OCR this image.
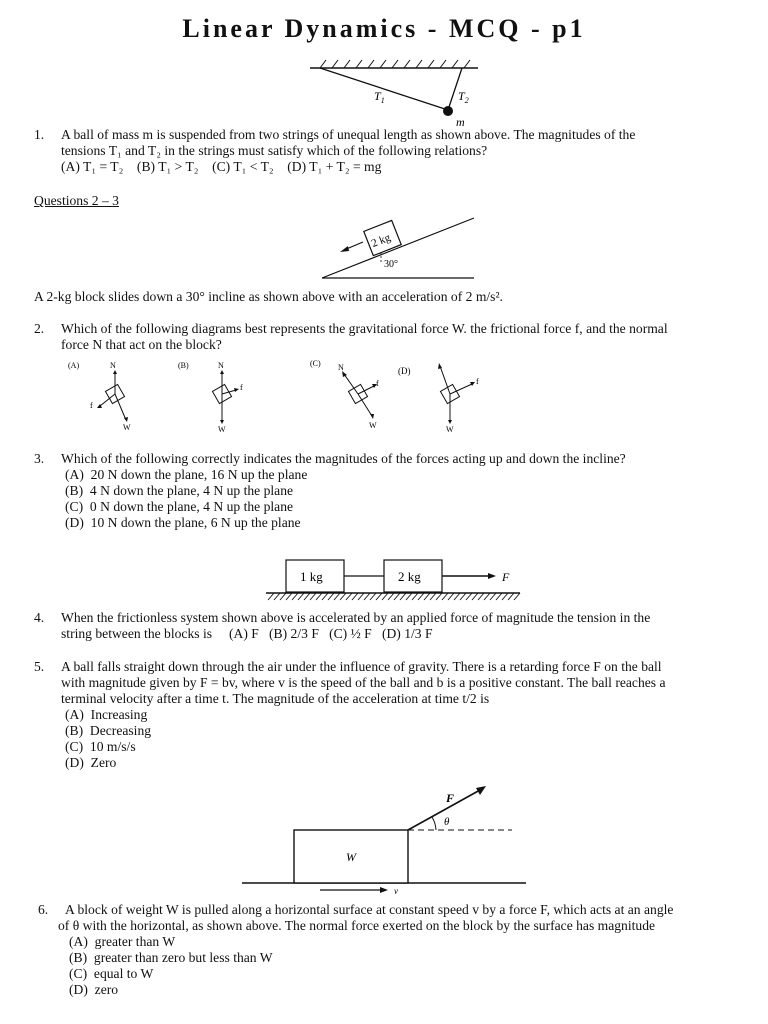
Linear Dynamics - MCQ - p1
$T_1$	$T_2$
m
1.	A ball of mass m is suspended from two strings of unequal length as shown above. The magnitudes of the
tensions T₁ and T₂ in the strings must satisfy which of the following relations?
(A) T₁ = T₂    (B) T₁ > T₂    (C) T₁ < T₂    (D) T₁ + T₂ = mg
Questions 2 – 3
2 kg
30°
A 2-kg block slides down a 30° incline as shown above with an acceleration of 2 m/s².
2.	Which of the following diagrams best represents the gravitational force W. the frictional force f, and the normal
force N that act on the block?
(A)	N
f
W
(B)	N
f
W
(C) N
f
W
(D)
f
W
3.	Which of the following correctly indicates the magnitudes of the forces acting up and down the incline?
(A)  20 N down the plane, 16 N up the plane
(B)  4 N down the plane, 4 N up the plane
(C)  0 N down the plane, 4 N up the plane
(D)  10 N down the plane, 6 N up the plane
1 kg	2 kg	F
4.	When the frictionless system shown above is accelerated by an applied force of magnitude the tension in the
string between the blocks is     (A) F   (B) 2/3 F   (C) ½ F   (D) 1/3 F
5.	A ball falls straight down through the air under the influence of gravity. There is a retarding force F on the ball
with magnitude given by F = bv, where v is the speed of the ball and b is a positive constant. The ball reaches a
terminal velocity after a time t. The magnitude of the acceleration at time t/2 is
(A)  Increasing
(B)  Decreasing
(C)  10 m/s/s
(D)  Zero
W
F
θ
v
6.	A block of weight W is pulled along a horizontal surface at constant speed v by a force F, which acts at an angle
of θ with the horizontal, as shown above. The normal force exerted on the block by the surface has magnitude
(A)  greater than W
(B)  greater than zero but less than W
(C)  equal to W
(D)  zero
